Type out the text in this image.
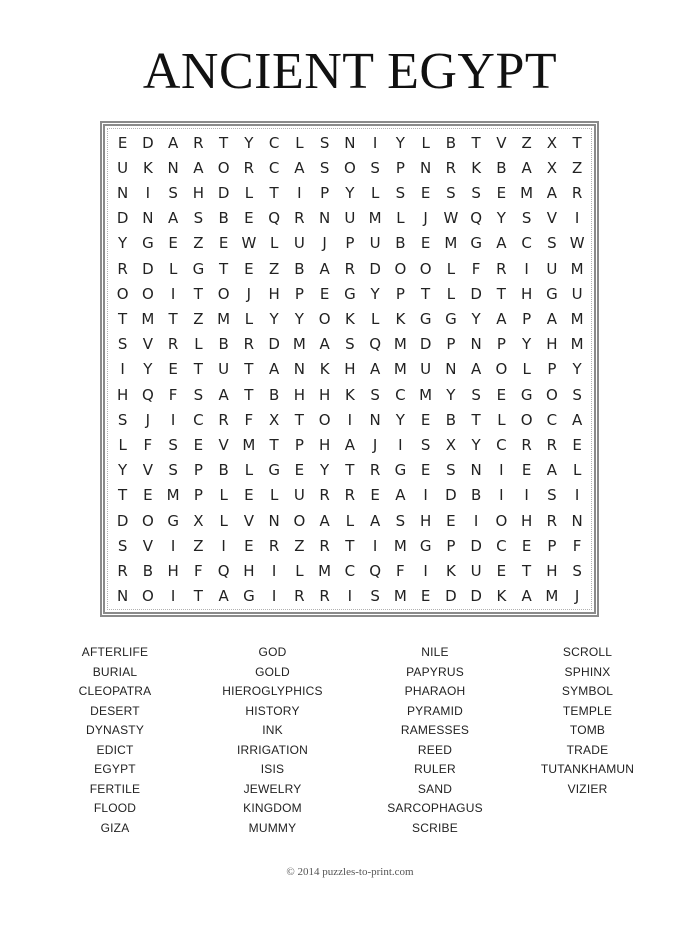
ANCIENT EGYPT
E D A R	T	Y	C	L	S N	I	Y	L	B	T	V Z X	T
U K N A O R C A	S O S	P	N R	K	B A X Z
N	I	S H D	L	T	I	P	Y	L	S	E	S	S	E M A R
D N A	S	B	E Q R N U M L	J	W Q Y	S	V	I
Y G E	Z	E W L	U	J	P	U B	E M G A C	S W
R D	L	G T	E	Z B A R D O O	L	F	R	I	U M
O O	I	T O	J	H	P	E G Y	P	T	L	D T	H G U
T M T	Z M L	Y	Y O K	L	K G G Y	A	P	A M
S	V R	L	B R D M A	S Q M D P	N	P	Y	H M
I	Y	E	T	U	T	A N K H A M U N A O	L	P	Y
H Q	F	S	A	T	B H H K	S	C M Y	S	E G O S
S	J	I	C R	F	X	T O	I	N	Y	E	B	T	L	O C A
L	F	S	E	V M T	P	H A	J	I	S	X	Y	C R R	E
Y	V	S	P	B	L	G E	Y	T	R G E	S N	I	E	A	L
T	E M P	L	E	L	U R R	E	A	I	D B	I	I	S	I
D O G X	L	V N O A	L	A	S H E	I	O H R N
S	V	I	Z	I	E	R Z R	T	I	M G P D C	E	P	F
R B H	F	Q H	I	L M C Q	F	I	K U	E	T	H S
N O	I	T	A G	I	R R	I	S M E D D K	A M	J
AFTERLIFE
BURIAL
CLEOPATRA
DESERT
DYNASTY
EDICT
EGYPT
FERTILE
FLOOD
GIZA
GOD
GOLD
HIEROGLYPHICS
HISTORY
INK
IRRIGATION
ISIS
JEWELRY
KINGDOM
MUMMY
NILE
PAPYRUS
PHARAOH
PYRAMID
RAMESSES
REED
RULER
SAND
SARCOPHAGUS
SCRIBE
SCROLL
SPHINX
SYMBOL
TEMPLE
TOMB
TRADE
TUTANKHAMUN
VIZIER
© 2014 puzzles-to-print.com
